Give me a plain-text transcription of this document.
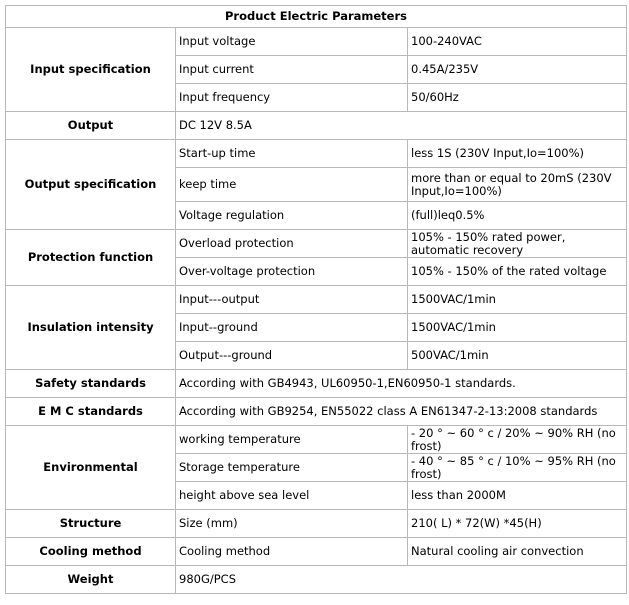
Product Electric Parameters		
Input specification	Input voltage	100-240VAC
	Input current	0.45A/235V
	Input frequency	50/60Hz
Output	DC 12V 8.5A	
Output specification	Start-up time	less 1S (230V Input,Io=100%)
	keep time	more than or equal to 20mS (230V Input,Io=100%)
	Voltage regulation	(full)leq0.5%
Protection function	Overload protection	105% - 150% rated power, automatic recovery

	Over-voltage protection	105% - 150% of the rated voltage
Insulation intensity	Input---output	1500VAC/1min
	Input--ground	1500VAC/1min
	Output---ground	500VAC/1min
Safety standards	According with GB4943, UL60950-1,EN60950-1 standards.	
E M C standards	According with GB9254, EN55022 class A EN61347-2-13:2008 standards	
Environmental	working temperature	- 20 ° ~ 60 ° c / 20% ~ 90% RH (no frost)

	Storage temperature	- 40 ° ~ 85 ° c / 10% ~ 95% RH (no frost)

	height above sea level	less than 2000M
Structure	Size (mm)	210( L) * 72(W) *45(H)
Cooling method	Cooling method	Natural cooling air convection
Weight	980G/PCS	
